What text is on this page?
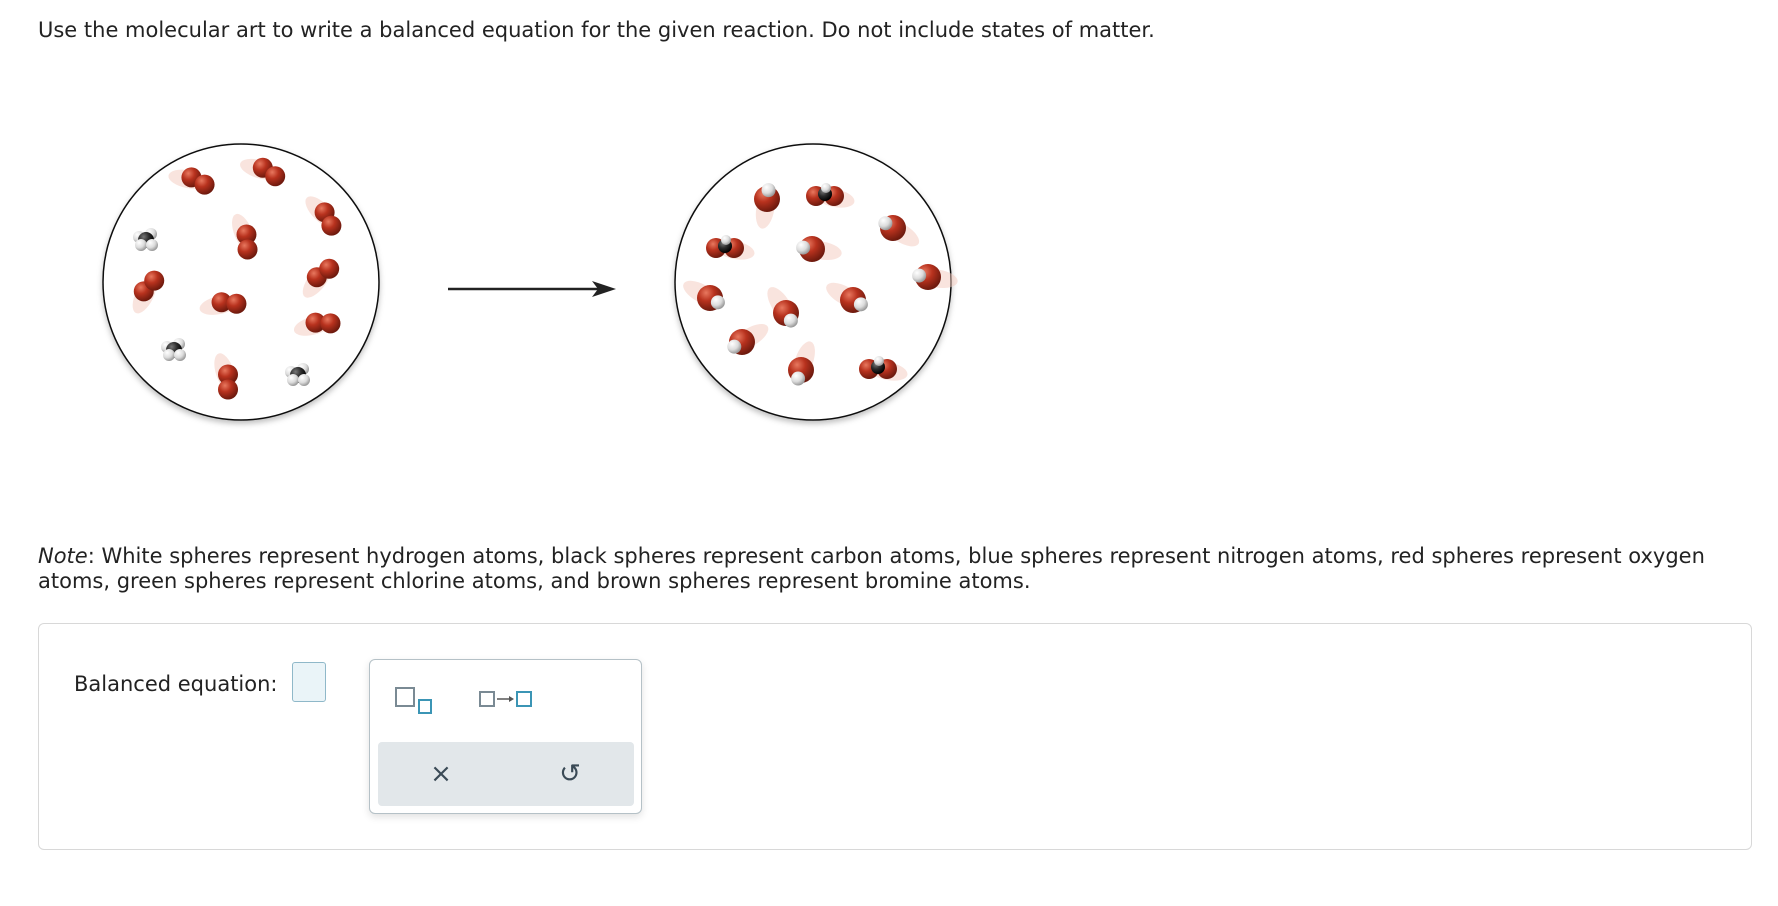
Use the molecular art to write a balanced equation for the given reaction. Do not include states of matter.

Note: White spheres represent hydrogen atoms, black spheres represent carbon atoms, blue spheres represent nitrogen atoms, red spheres represent oxygen atoms, green spheres represent chlorine atoms, and brown spheres represent bromine atoms.

Balanced equation:
×	↺
